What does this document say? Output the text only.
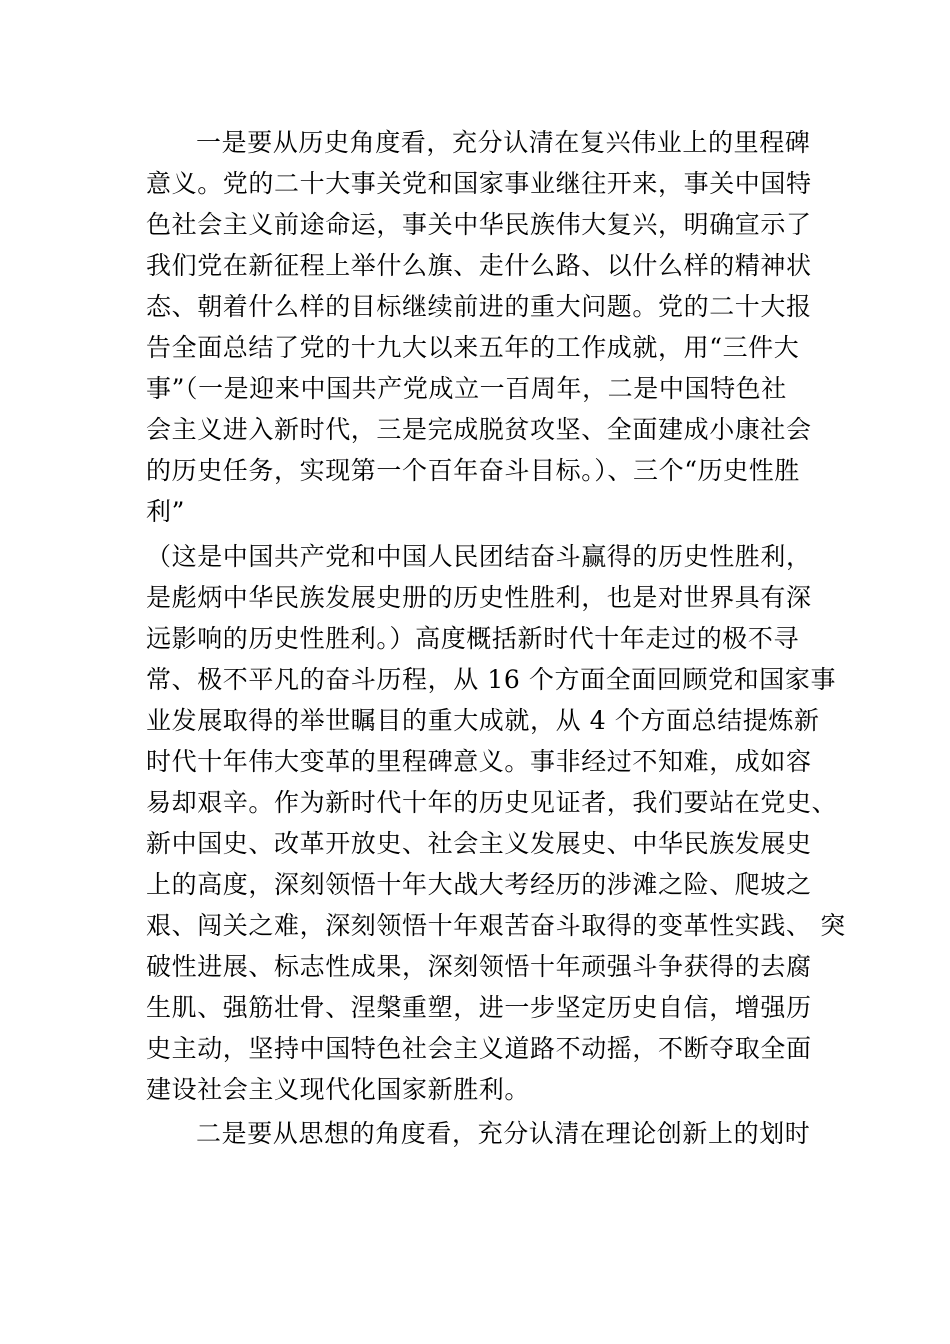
一是要从历史角度看，充分认清在复兴伟业上的里程碑
意义。党的二十大事关党和国家事业继往开来，事关中国特
色社会主义前途命运，事关中华民族伟大复兴，明确宣示了
我们党在新征程上举什么旗、走什么路、以什么样的精神状
态、朝着什么样的目标继续前进的重大问题。党的二十大报
告全面总结了党的十九大以来五年的工作成就，用“三件大
事”（一是迎来中国共产党成立一百周年，二是中国特色社
会主义进入新时代，三是完成脱贫攻坚、全面建成小康社会
的历史任务，实现第一个百年奋斗目标。）、三个“历史性胜
利”
（这是中国共产党和中国人民团结奋斗赢得的历史性胜利，
是彪炳中华民族发展史册的历史性胜利，也是对世界具有深
远影响的历史性胜利。）高度概括新时代十年走过的极不寻
常、极不平凡的奋斗历程，从 16 个方面全面回顾党和国家事
业发展取得的举世瞩目的重大成就，从 4 个方面总结提炼新
时代十年伟大变革的里程碑意义。事非经过不知难，成如容
易却艰辛。作为新时代十年的历史见证者，我们要站在党史、
新中国史、改革开放史、社会主义发展史、中华民族发展史
上的高度，深刻领悟十年大战大考经历的涉滩之险、爬坡之
艰、闯关之难，深刻领悟十年艰苦奋斗取得的变革性实践、 突
破性进展、标志性成果，深刻领悟十年顽强斗争获得的去腐
生肌、强筋壮骨、涅槃重塑，进一步坚定历史自信，增强历
史主动，坚持中国特色社会主义道路不动摇，不断夺取全面
建设社会主义现代化国家新胜利。
二是要从思想的角度看，充分认清在理论创新上的划时
